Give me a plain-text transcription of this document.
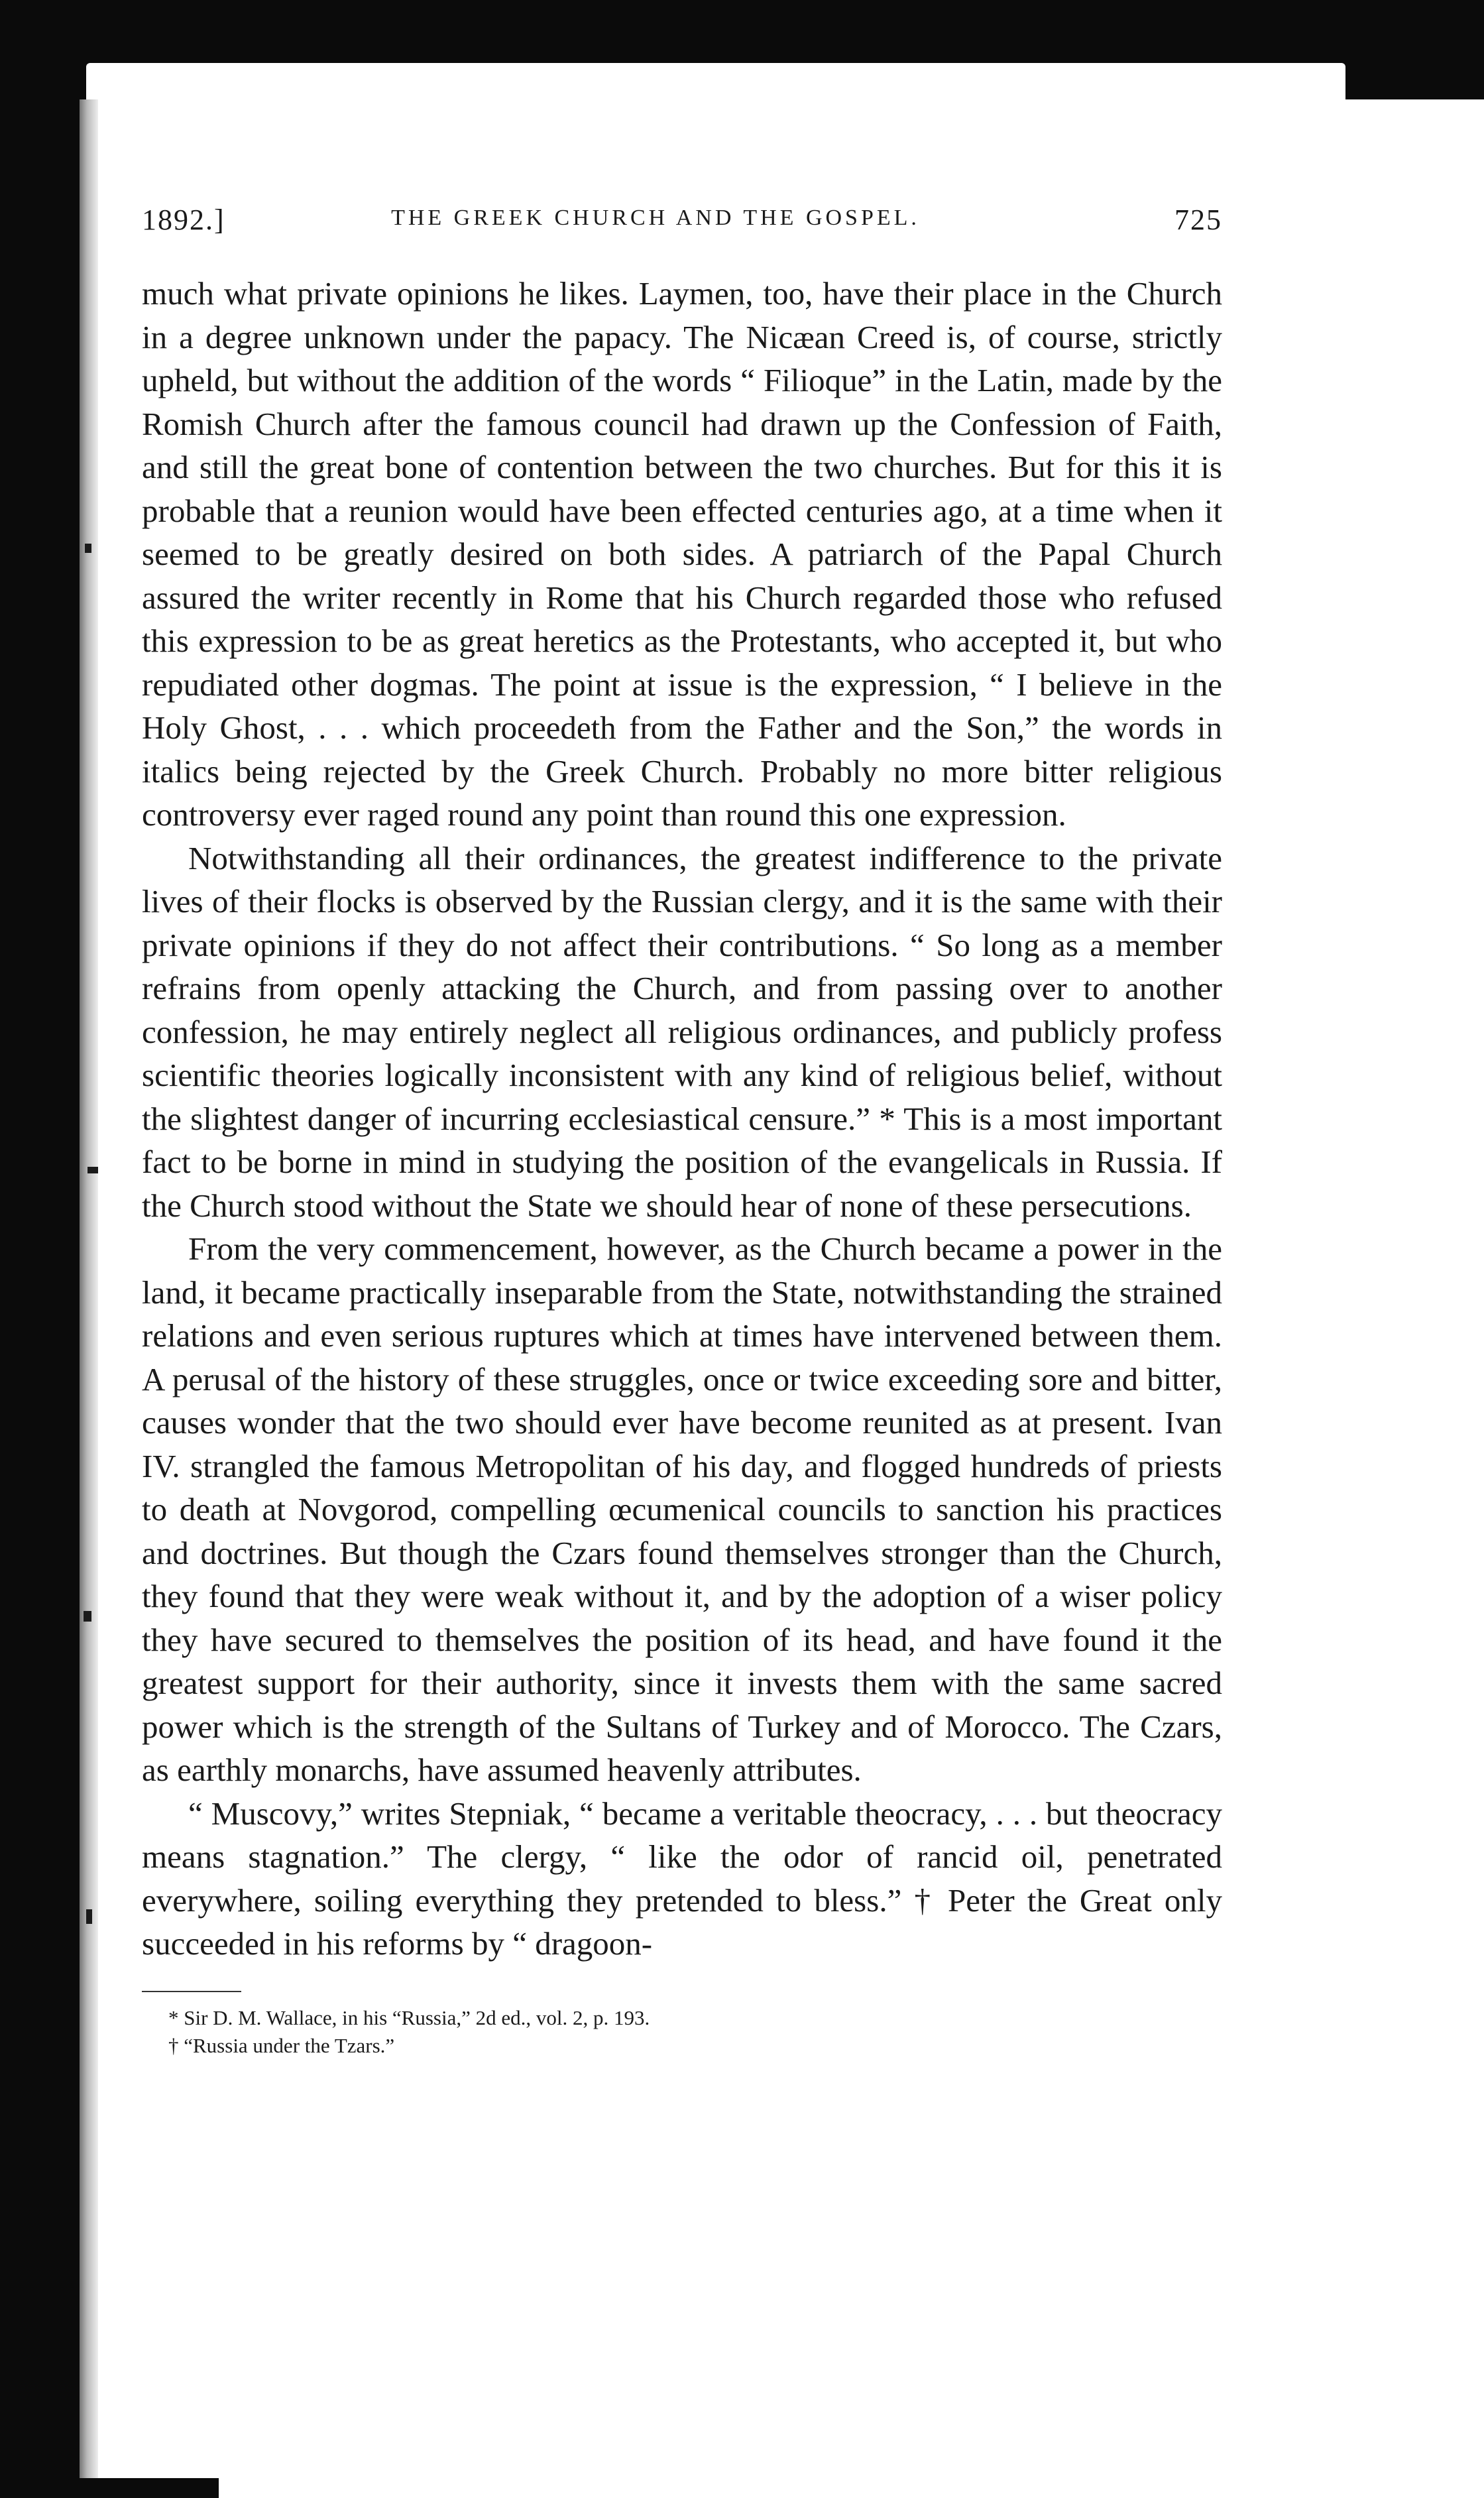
1892.]	THE GREEK CHURCH AND THE GOSPEL.	725

much what private opinions he likes. Laymen, too, have their place in the Church in a degree unknown under the papacy. The Nicæan Creed is, of course, strictly upheld, but without the addition of the words “ Filioque” in the Latin, made by the Romish Church after the famous council had drawn up the Confession of Faith, and still the great bone of contention between the two churches. But for this it is probable that a reunion would have been effected centuries ago, at a time when it seemed to be greatly desired on both sides. A patriarch of the Papal Church assured the writer recently in Rome that his Church regarded those who refused this expression to be as great heretics as the Protestants, who accepted it, but who repudiated other dogmas. The point at issue is the expression, “ I believe in the Holy Ghost, . . . which proceedeth from the Father and the Son,” the words in italics being rejected by the Greek Church. Probably no more bitter religious controversy ever raged round any point than round this one expression.

Notwithstanding all their ordinances, the greatest indifference to the private lives of their flocks is observed by the Russian clergy, and it is the same with their private opinions if they do not affect their contributions. “ So long as a member refrains from openly attacking the Church, and from passing over to another confession, he may entirely neglect all religious ordinances, and publicly profess scientific theories logically inconsistent with any kind of religious belief, without the slightest danger of incurring ecclesiastical censure.” * This is a most important fact to be borne in mind in studying the position of the evangelicals in Russia. If the Church stood without the State we should hear of none of these persecutions.

From the very commencement, however, as the Church became a power in the land, it became practically inseparable from the State, notwithstanding the strained relations and even serious ruptures which at times have intervened between them. A perusal of the history of these struggles, once or twice exceeding sore and bitter, causes wonder that the two should ever have become reunited as at present. Ivan IV. strangled the famous Metropolitan of his day, and flogged hundreds of priests to death at Novgorod, compelling œcumenical councils to sanction his practices and doctrines. But though the Czars found themselves stronger than the Church, they found that they were weak without it, and by the adoption of a wiser policy they have secured to themselves the position of its head, and have found it the greatest support for their authority, since it invests them with the same sacred power which is the strength of the Sultans of Turkey and of Morocco. The Czars, as earthly monarchs, have assumed heavenly attributes.

“ Muscovy,” writes Stepniak, “ became a veritable theocracy, . . . but theocracy means stagnation.” The clergy, “ like the odor of rancid oil, penetrated everywhere, soiling everything they pretended to bless.” † Peter the Great only succeeded in his reforms by “ dragoon-

* Sir D. M. Wallace, in his “Russia,” 2d ed., vol. 2, p. 193.
† “Russia under the Tzars.”
